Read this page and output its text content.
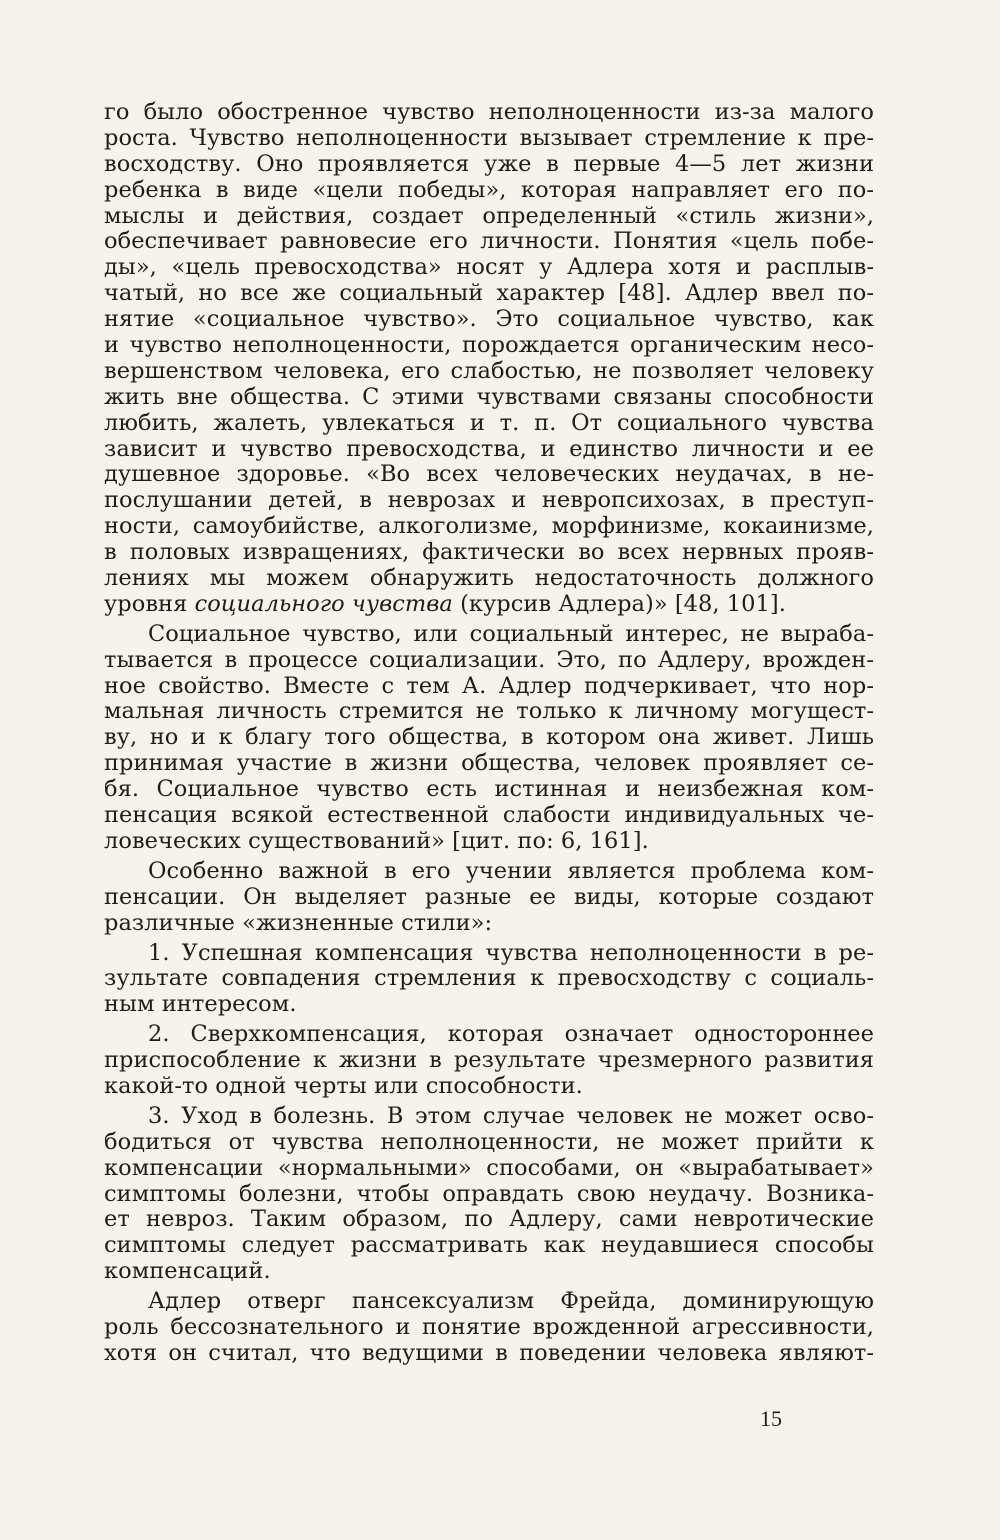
го было обостренное чувство неполноценности из-за малого
роста. Чувство неполноценности вызывает стремление к пре-
восходству. Оно проявляется уже в первые 4—5 лет жизни
ребенка в виде «цели победы», которая направляет его по-
мыслы и действия, создает определенный «стиль жизни»,
обеспечивает равновесие его личности. Понятия «цель побе-
ды», «цель превосходства» носят у Адлера хотя и расплыв-
чатый, но все же социальный характер [48]. Адлер ввел по-
нятие «социальное чувство». Это социальное чувство, как
и чувство неполноценности, порождается органическим несо-
вершенством человека, его слабостью, не позволяет человеку
жить вне общества. С этими чувствами связаны способности
любить, жалеть, увлекаться и т. п. От социального чувства
зависит и чувство превосходства, и единство личности и ее
душевное здоровье. «Во всех человеческих неудачах, в не-
послушании детей, в неврозах и невропсихозах, в преступ-
ности, самоубийстве, алкоголизме, морфинизме, кокаинизме,
в половых извращениях, фактически во всех нервных прояв-
лениях мы можем обнаружить недостаточность должного
уровня социального чувства (курсив Адлера)» [48, 101].
Социальное чувство, или социальный интерес, не выраба-
тывается в процессе социализации. Это, по Адлеру, врожден-
ное свойство. Вместе с тем А. Адлер подчеркивает, что нор-
мальная личность стремится не только к личному могущест-
ву, но и к благу того общества, в котором она живет. Лишь
принимая участие в жизни общества, человек проявляет се-
бя. Социальное чувство есть истинная и неизбежная ком-
пенсация всякой естественной слабости индивидуальных че-
ловеческих существований» [цит. по: 6, 161].
Особенно важной в его учении является проблема ком-
пенсации. Он выделяет разные ее виды, которые создают
различные «жизненные стили»:
1. Успешная компенсация чувства неполноценности в ре-
зультате совпадения стремления к превосходству с социаль-
ным интересом.
2. Сверхкомпенсация, которая означает одностороннее
приспособление к жизни в результате чрезмерного развития
какой-то одной черты или способности.
3. Уход в болезнь. В этом случае человек не может осво-
бодиться от чувства неполноценности, не может прийти к
компенсации «нормальными» способами, он «вырабатывает»
симптомы болезни, чтобы оправдать свою неудачу. Возника-
ет невроз. Таким образом, по Адлеру, сами невротические
симптомы следует рассматривать как неудавшиеся способы
компенсаций.
Адлер отверг пансексуализм Фрейда, доминирующую
роль бессознательного и понятие врожденной агрессивности,
хотя он считал, что ведущими в поведении человека являют-
15
